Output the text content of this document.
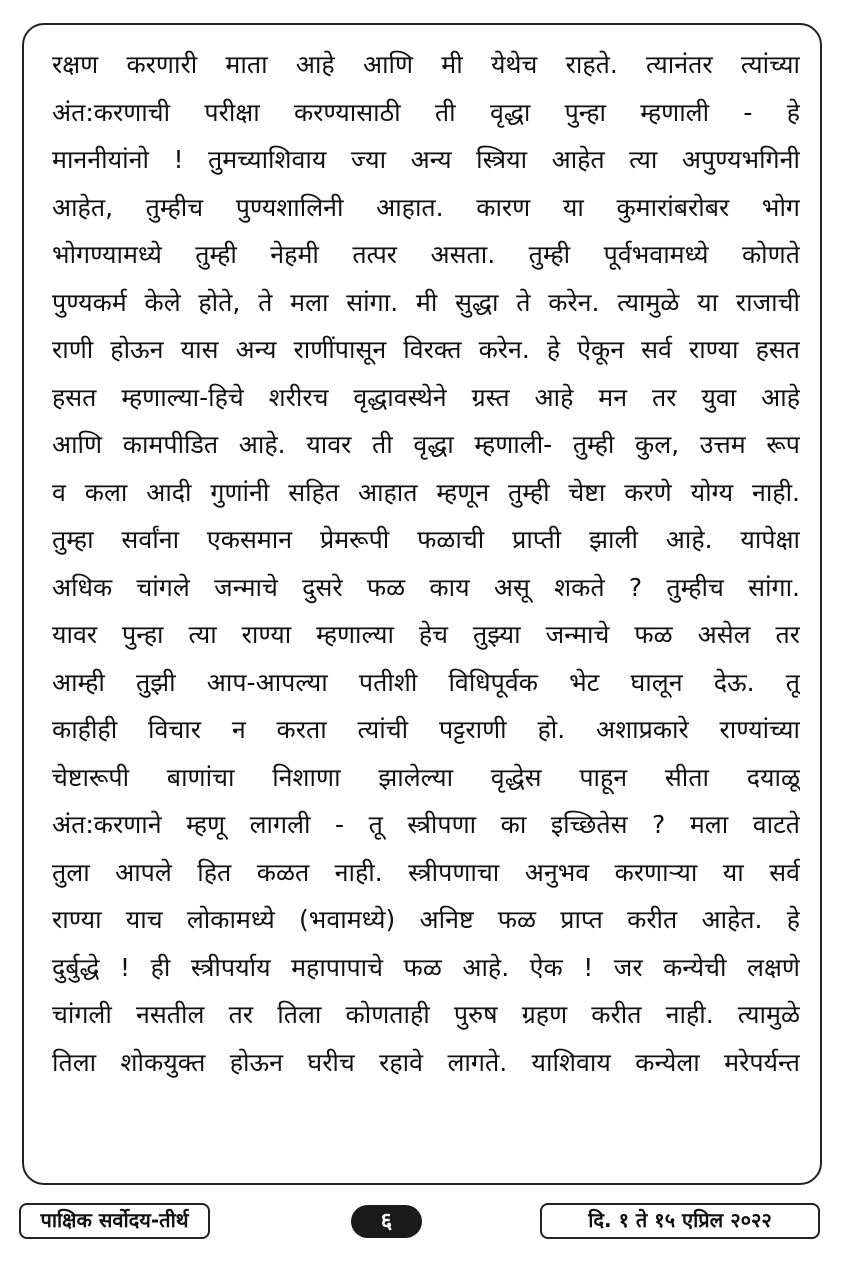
रक्षण करणारी माता आहे आणि मी येथेच राहते. त्यानंतर त्यांच्या
अंत:करणाची परीक्षा करण्यासाठी ती वृद्धा पुन्हा म्हणाली - हे
माननीयांनो ! तुमच्याशिवाय ज्या अन्य स्त्रिया आहेत त्या अपुण्यभगिनी
आहेत, तुम्हीच पुण्यशालिनी आहात. कारण या कुमारांबरोबर भोग
भोगण्यामध्ये तुम्ही नेहमी तत्पर असता. तुम्ही पूर्वभवामध्ये कोणते
पुण्यकर्म केले होते, ते मला सांगा. मी सुद्धा ते करेन. त्यामुळे या राजाची
राणी होऊन यास अन्य राणींपासून विरक्त करेन. हे ऐकून सर्व राण्या हसत
हसत म्हणाल्या-हिचे शरीरच वृद्धावस्थेने ग्रस्त आहे मन तर युवा आहे
आणि कामपीडित आहे. यावर ती वृद्धा म्हणाली- तुम्ही कुल, उत्तम रूप
व कला आदी गुणांनी सहित आहात म्हणून तुम्ही चेष्टा करणे योग्य नाही.
तुम्हा सर्वांना एकसमान प्रेमरूपी फळाची प्राप्ती झाली आहे. यापेक्षा
अधिक चांगले जन्माचे दुसरे फळ काय असू शकते ? तुम्हीच सांगा.
यावर पुन्हा त्या राण्या म्हणाल्या हेच तुझ्या जन्माचे फळ असेल तर
आम्ही तुझी आप-आपल्या पतीशी विधिपूर्वक भेट घालून देऊ. तू
काहीही विचार न करता त्यांची पट्टराणी हो. अशाप्रकारे राण्यांच्या
चेष्टारूपी बाणांचा निशाणा झालेल्या वृद्धेस पाहून सीता दयाळू
अंत:करणाने म्हणू लागली - तू स्त्रीपणा का इच्छितेस ? मला वाटते
तुला आपले हित कळत नाही. स्त्रीपणाचा अनुभव करणाऱ्या या सर्व
राण्या याच लोकामध्ये (भवामध्ये) अनिष्ट फळ प्राप्त करीत आहेत. हे
दुर्बुद्धे ! ही स्त्रीपर्याय महापापाचे फळ आहे. ऐक ! जर कन्येची लक्षणे
चांगली नसतील तर तिला कोणताही पुरुष ग्रहण करीत नाही. त्यामुळे
तिला शोकयुक्त होऊन घरीच रहावे लागते. याशिवाय कन्येला मरेपर्यन्त
पाक्षिक सर्वोदय-तीर्थ	६	दि. १ ते १५ एप्रिल २०२२
